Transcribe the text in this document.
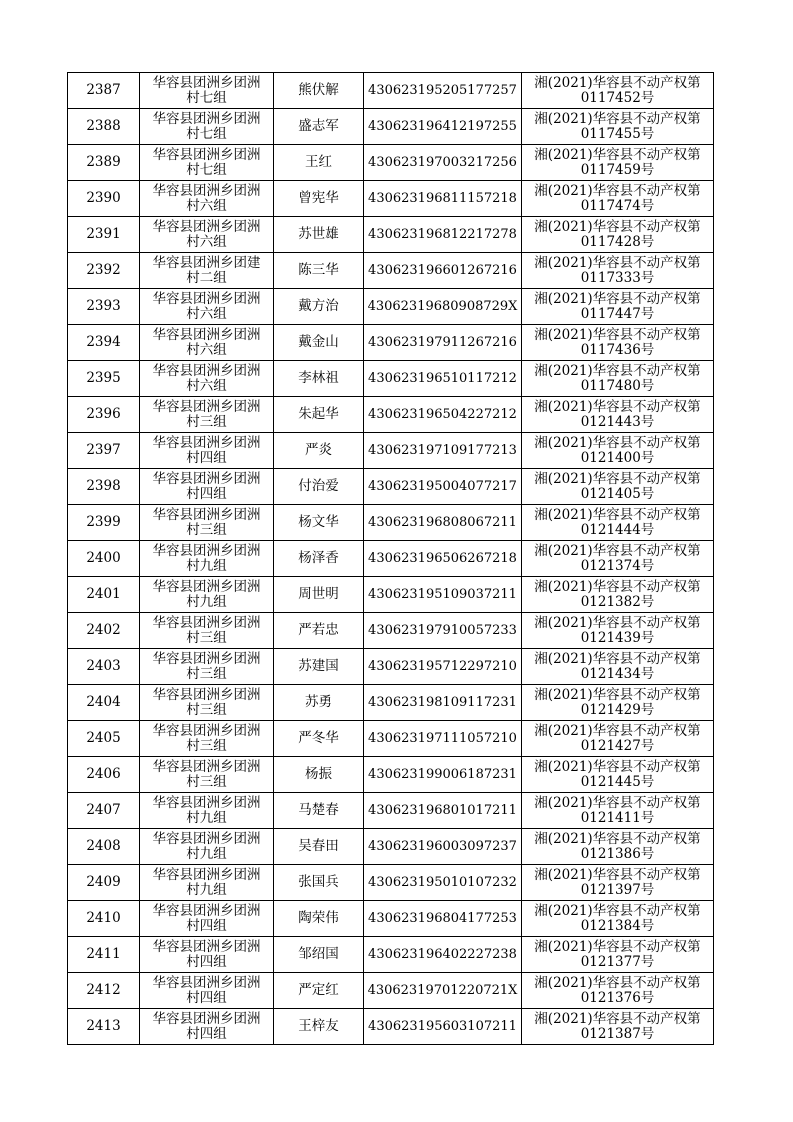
2387	华容县团洲乡团洲
村七组	熊伏解	430623195205177257	湘(2021)华容县不动产权第
0117452号

2388	华容县团洲乡团洲
村七组	盛志军	430623196412197255	湘(2021)华容县不动产权第
0117455号

2389	华容县团洲乡团洲
村七组	王红	430623197003217256	湘(2021)华容县不动产权第
0117459号

2390	华容县团洲乡团洲
村六组	曾宪华	430623196811157218	湘(2021)华容县不动产权第
0117474号

2391	华容县团洲乡团洲
村六组	苏世雄	430623196812217278	湘(2021)华容县不动产权第
0117428号

2392	华容县团洲乡团建
村二组	陈三华	430623196601267216	湘(2021)华容县不动产权第
0117333号

2393	华容县团洲乡团洲
村六组	戴方治	43062319680908729X	湘(2021)华容县不动产权第
0117447号

2394	华容县团洲乡团洲
村六组	戴金山	430623197911267216	湘(2021)华容县不动产权第
0117436号

2395	华容县团洲乡团洲
村六组	李林祖	430623196510117212	湘(2021)华容县不动产权第
0117480号

2396	华容县团洲乡团洲
村三组	朱起华	430623196504227212	湘(2021)华容县不动产权第
0121443号

2397	华容县团洲乡团洲
村四组	严炎	430623197109177213	湘(2021)华容县不动产权第
0121400号

2398	华容县团洲乡团洲
村四组	付治爱	430623195004077217	湘(2021)华容县不动产权第
0121405号

2399	华容县团洲乡团洲
村三组	杨文华	430623196808067211	湘(2021)华容县不动产权第
0121444号

2400	华容县团洲乡团洲
村九组	杨泽香	430623196506267218	湘(2021)华容县不动产权第
0121374号

2401	华容县团洲乡团洲
村九组	周世明	430623195109037211	湘(2021)华容县不动产权第
0121382号

2402	华容县团洲乡团洲
村三组	严若忠	430623197910057233	湘(2021)华容县不动产权第
0121439号

2403	华容县团洲乡团洲
村三组	苏建国	430623195712297210	湘(2021)华容县不动产权第
0121434号

2404	华容县团洲乡团洲
村三组	苏勇	430623198109117231	湘(2021)华容县不动产权第
0121429号

2405	华容县团洲乡团洲
村三组	严冬华	430623197111057210	湘(2021)华容县不动产权第
0121427号

2406	华容县团洲乡团洲
村三组	杨振	430623199006187231	湘(2021)华容县不动产权第
0121445号

2407	华容县团洲乡团洲
村九组	马楚春	430623196801017211	湘(2021)华容县不动产权第
0121411号

2408	华容县团洲乡团洲
村九组	吴春田	430623196003097237	湘(2021)华容县不动产权第
0121386号

2409	华容县团洲乡团洲
村九组	张国兵	430623195010107232	湘(2021)华容县不动产权第
0121397号

2410	华容县团洲乡团洲
村四组	陶荣伟	430623196804177253	湘(2021)华容县不动产权第
0121384号

2411	华容县团洲乡团洲
村四组	邹绍国	430623196402227238	湘(2021)华容县不动产权第
0121377号

2412	华容县团洲乡团洲
村四组	严定红	43062319701220721X	湘(2021)华容县不动产权第
0121376号

2413	华容县团洲乡团洲
村四组	王梓友	430623195603107211	湘(2021)华容县不动产权第
0121387号
